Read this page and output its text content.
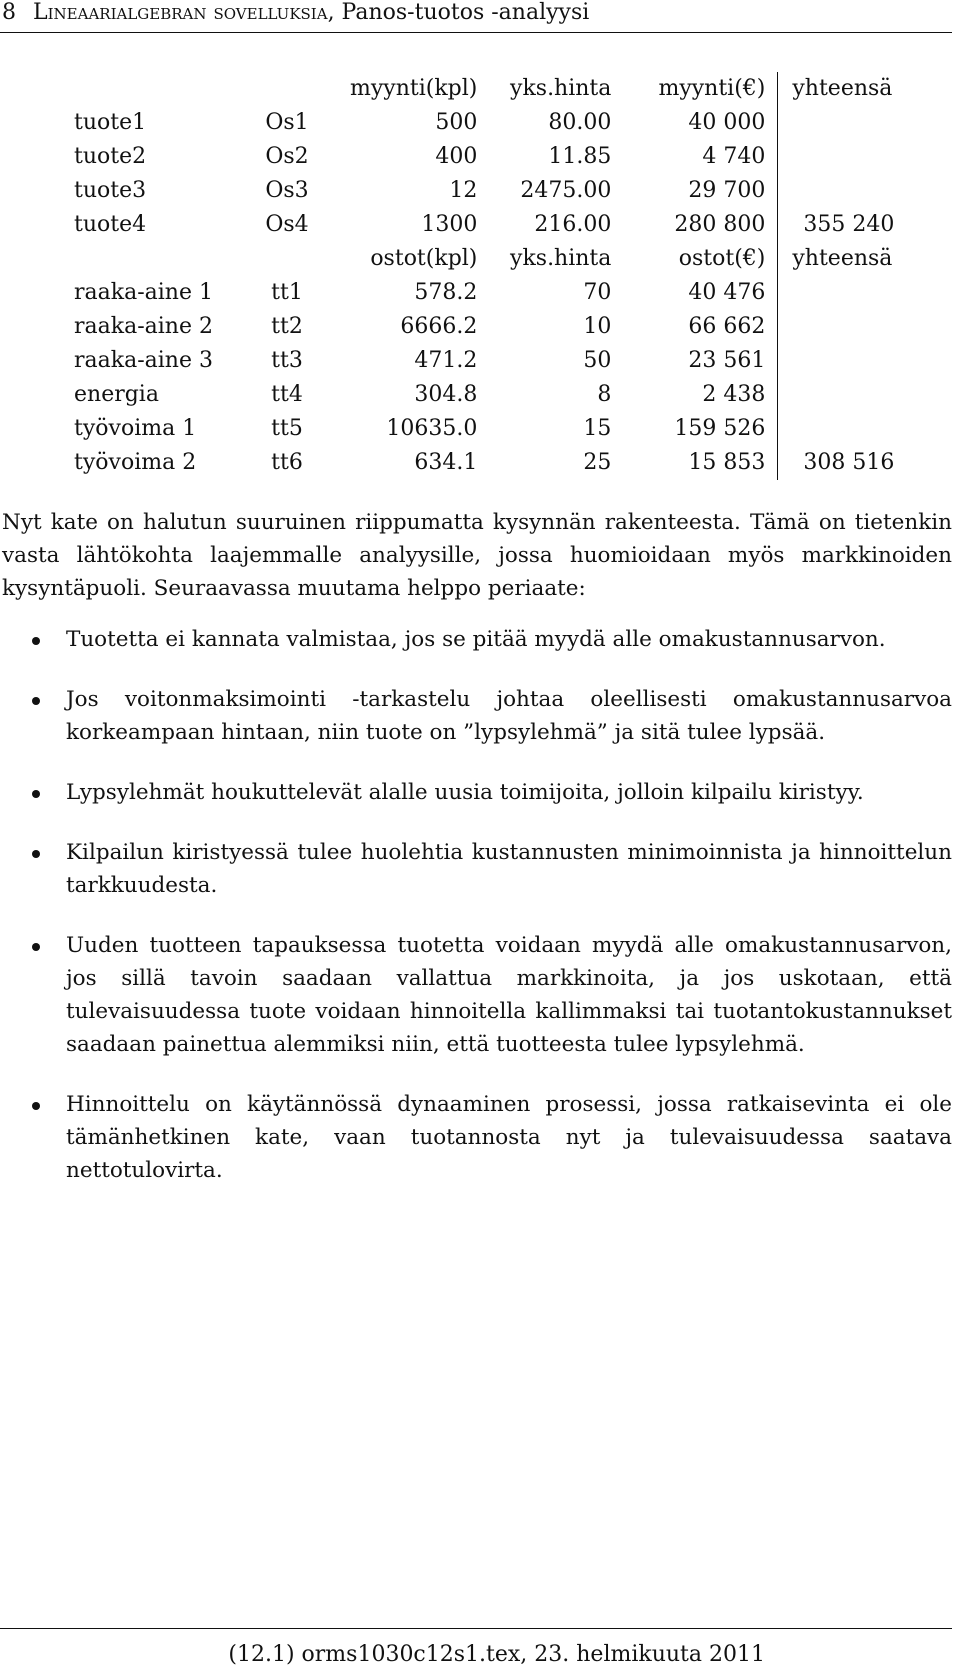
8 Lineaarialgebran sovelluksia, Panos-tuotos -analyysi
		myynti(kpl)	yks.hinta	myynti(€)	yhteensä
tuote1	Os1	500	80.00	40 000	
tuote2	Os2	400	11.85	4 740	
tuote3	Os3	12	2475.00	29 700	
tuote4	Os4	1300	216.00	280 800	355 240
		ostot(kpl)	yks.hinta	ostot(€)	yhteensä
raaka-aine 1	tt1	578.2	70	40 476	
raaka-aine 2	tt2	6666.2	10	66 662	
raaka-aine 3	tt3	471.2	50	23 561	
energia	tt4	304.8	8	2 438	
työvoima 1	tt5	10635.0	15	159 526	
työvoima 2	tt6	634.1	25	15 853	308 516

Nyt kate on halutun suuruinen riippumatta kysynnän rakenteesta. Tämä on tietenkin vasta lähtökohta laajemmalle analyysille, jossa huomioidaan myös markkinoiden kysyntäpuoli. Seuraavassa muutama helppo periaate:

Tuotetta ei kannata valmistaa, jos se pitää myydä alle omakustannusarvon.
Jos voitonmaksimointi -tarkastelu johtaa oleellisesti omakustannusarvoa korkeampaan hintaan, niin tuote on ”lypsylehmä” ja sitä tulee lypsää.
Lypsylehmät houkuttelevät alalle uusia toimijoita, jolloin kilpailu kiristyy.
Kilpailun kiristyessä tulee huolehtia kustannusten minimoinnista ja hinnoittelun tarkkuudesta.
Uuden tuotteen tapauksessa tuotetta voidaan myydä alle omakustannusarvon, jos sillä tavoin saadaan vallattua markkinoita, ja jos uskotaan, että tulevaisuudessa tuote voidaan hinnoitella kallimmaksi tai tuotantokustannukset saadaan painettua alemmiksi niin, että tuotteesta tulee lypsylehmä.
Hinnoittelu on käytännössä dynaaminen prosessi, jossa ratkaisevinta ei ole tämänhetkinen kate, vaan tuotannosta nyt ja tulevaisuudessa saatava nettotulovirta.
(12.1) orms1030c12s1.tex, 23. helmikuuta 2011
